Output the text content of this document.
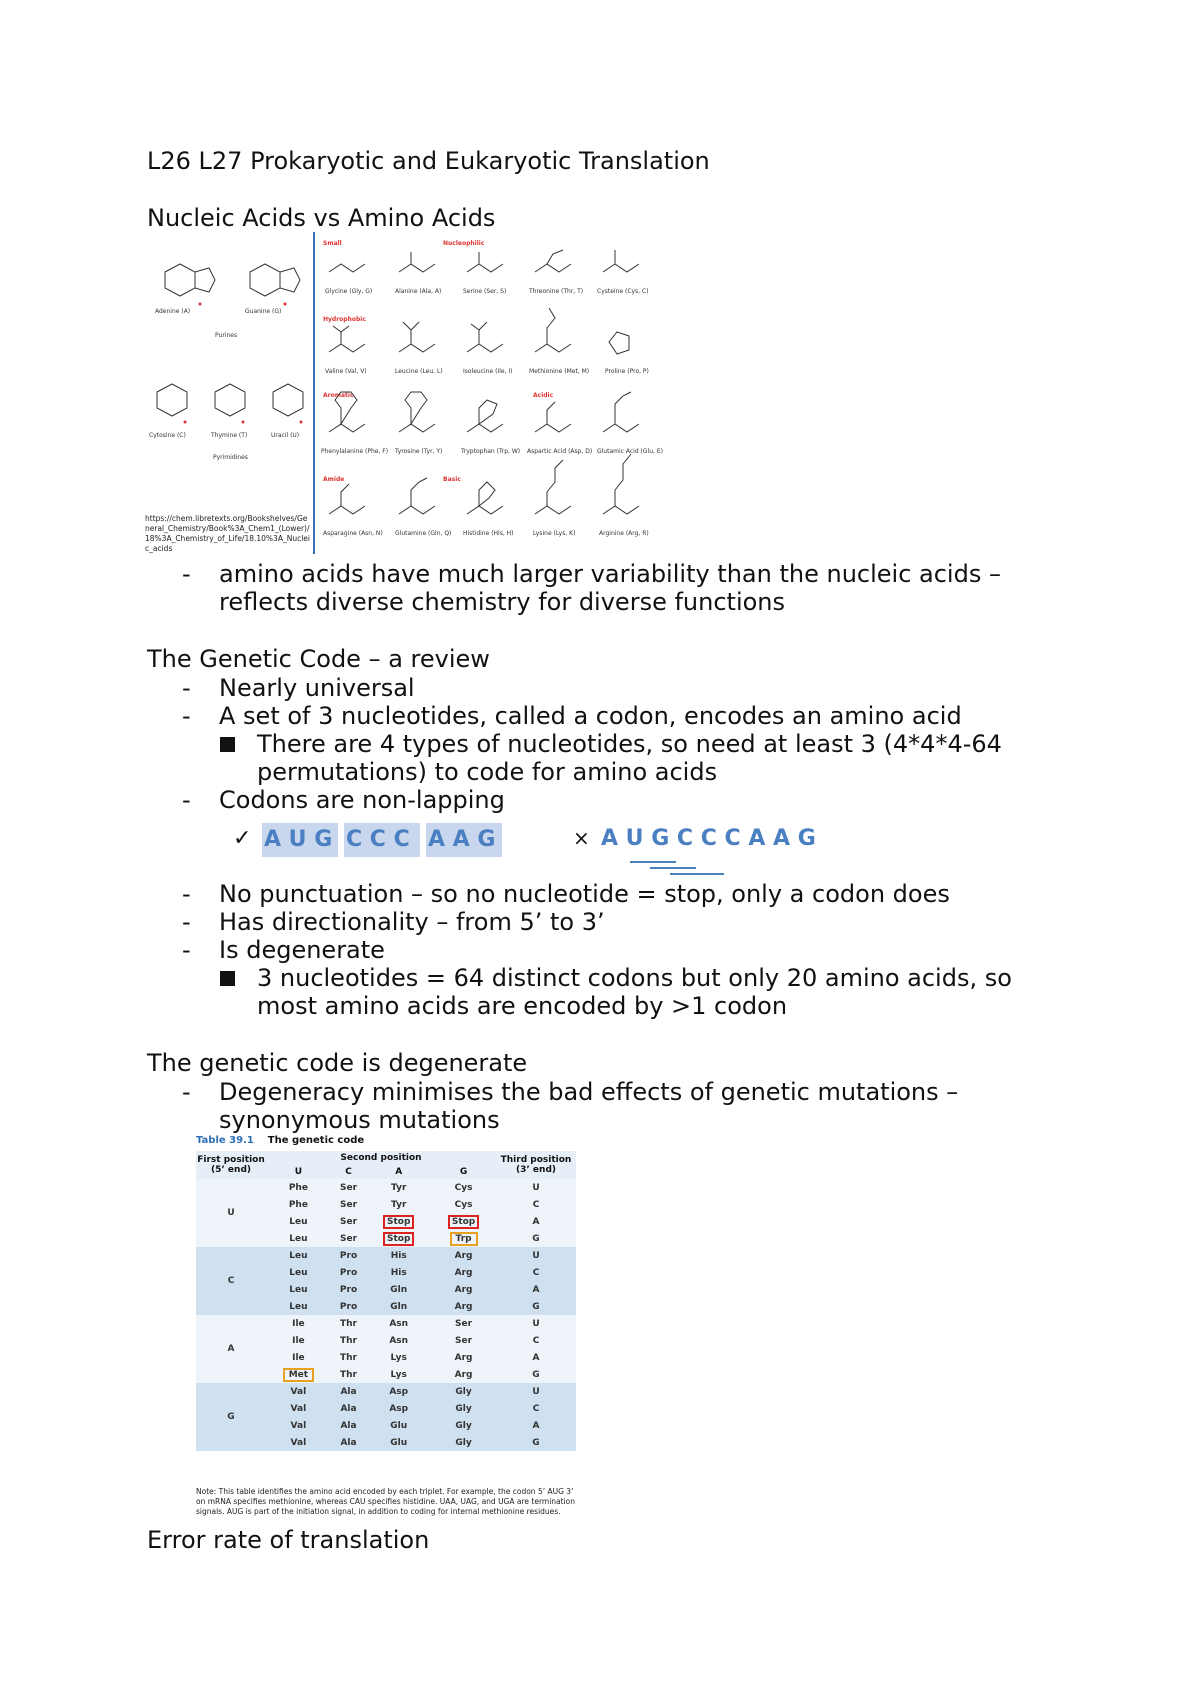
L26 L27 Prokaryotic and Eukaryotic Translation
Nucleic Acids vs Amino Acids
Adenine (A)	Guanine (G)
Purines
Cytosine (C)	Thymine (T)	Uracil (U)
Pyrimidines
https://chem.libretexts.org/Bookshelves/General_Chemistry/Book%3A_Chem1_(Lower)/18%3A_Chemistry_of_Life/18.10%3A_Nucleic_acids
Small	Nucleophilic
Hydrophobic
Aromatic	Acidic
Amide	Basic
Glycine (Gly, G)	Alanine (Ala, A)	Serine (Ser, S)	Threonine (Thr, T) Cysteine (Cys, C)
Valine (Val, V)	Leucine (Leu, L)	Isoleucine (Ile, I)	Methionine (Met, M)	Proline (Pro, P)
Phenylalanine (Phe, F) Tyrosine (Tyr, Y)	Tryptophan (Trp, W) Aspartic Acid (Asp, D) Glutamic Acid (Glu, E)
Asparagine (Asn, N) Glutamine (Gln, Q) Histidine (His, H)	Lysine (Lys, K)	Arginine (Arg, R)
- amino acids have much larger variability than the nucleic acids –
reflects diverse chemistry for diverse functions
The Genetic Code – a review
- Nearly universal
- A set of 3 nucleotides, called a codon, encodes an amino acid
There are 4 types of nucleotides, so need at least 3 (4*4*4-64
permutations) to code for amino acids
- Codons are non-lapping
✓ A U G C C C A A G	× A U G C C C A A G
- No punctuation – so no nucleotide = stop, only a codon does
- Has directionality – from 5’ to 3’
- Is degenerate
3 nucleotides = 64 distinct codons but only 20 amino acids, so
most amino acids are encoded by >1 codon
The genetic code is degenerate
- Degeneracy minimises the bad effects of genetic mutations –
synonymous mutations
Table 39.1 The genetic code
First position (5’ end)	Second position				Third position (3’ end)
	U	C	A	G	
U	Phe	Ser	Tyr	Cys	U
	Phe	Ser	Tyr	Cys	C
	Leu	Ser	Stop	Stop	A
	Leu	Ser	Stop	Trp	G
C	Leu	Pro	His	Arg	U
	Leu	Pro	His	Arg	C
	Leu	Pro	Gln	Arg	A
	Leu	Pro	Gln	Arg	G
A	Ile	Thr	Asn	Ser	U
	Ile	Thr	Asn	Ser	C
	Ile	Thr	Lys	Arg	A
	Met	Thr	Lys	Arg	G
G	Val	Ala	Asp	Gly	U
	Val	Ala	Asp	Gly	C
	Val	Ala	Glu	Gly	A
	Val	Ala	Glu	Gly	G
Note: This table identifies the amino acid encoded by each triplet. For example, the codon 5’ AUG 3’ on mRNA specifies methionine, whereas CAU specifies histidine. UAA, UAG, and UGA are termination signals. AUG is part of the initiation signal, in addition to coding for internal methionine residues.
Error rate of translation
